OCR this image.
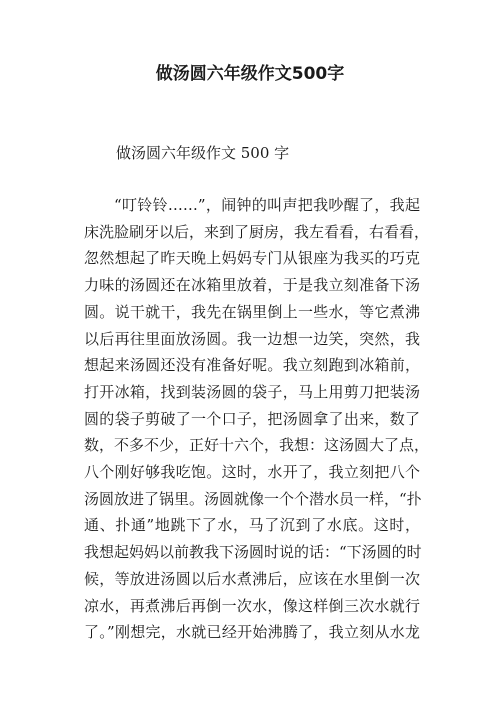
做汤圆六年级作文500字
做汤圆六年级作文 500 字
“叮铃铃……”，闹钟的叫声把我吵醒了，我起
床洗脸刷牙以后，来到了厨房，我左看看，右看看，
忽然想起了昨天晚上妈妈专门从银座为我买的巧克
力味的汤圆还在冰箱里放着，于是我立刻准备下汤
圆。说干就干，我先在锅里倒上一些水，等它煮沸
以后再往里面放汤圆。我一边想一边笑，突然，我
想起来汤圆还没有准备好呢。我立刻跑到冰箱前，
打开冰箱，找到装汤圆的袋子，马上用剪刀把装汤
圆的袋子剪破了一个口子，把汤圆拿了出来，数了
数，不多不少，正好十六个，我想：这汤圆大了点，
八个刚好够我吃饱。这时，水开了，我立刻把八个
汤圆放进了锅里。汤圆就像一个个潜水员一样，“扑
通、扑通”地跳下了水，马了沉到了水底。这时，
我想起妈妈以前教我下汤圆时说的话：“下汤圆的时
候，等放进汤圆以后水煮沸后，应该在水里倒一次
凉水，再煮沸后再倒一次水，像这样倒三次水就行
了。”刚想完，水就已经开始沸腾了，我立刻从水龙
